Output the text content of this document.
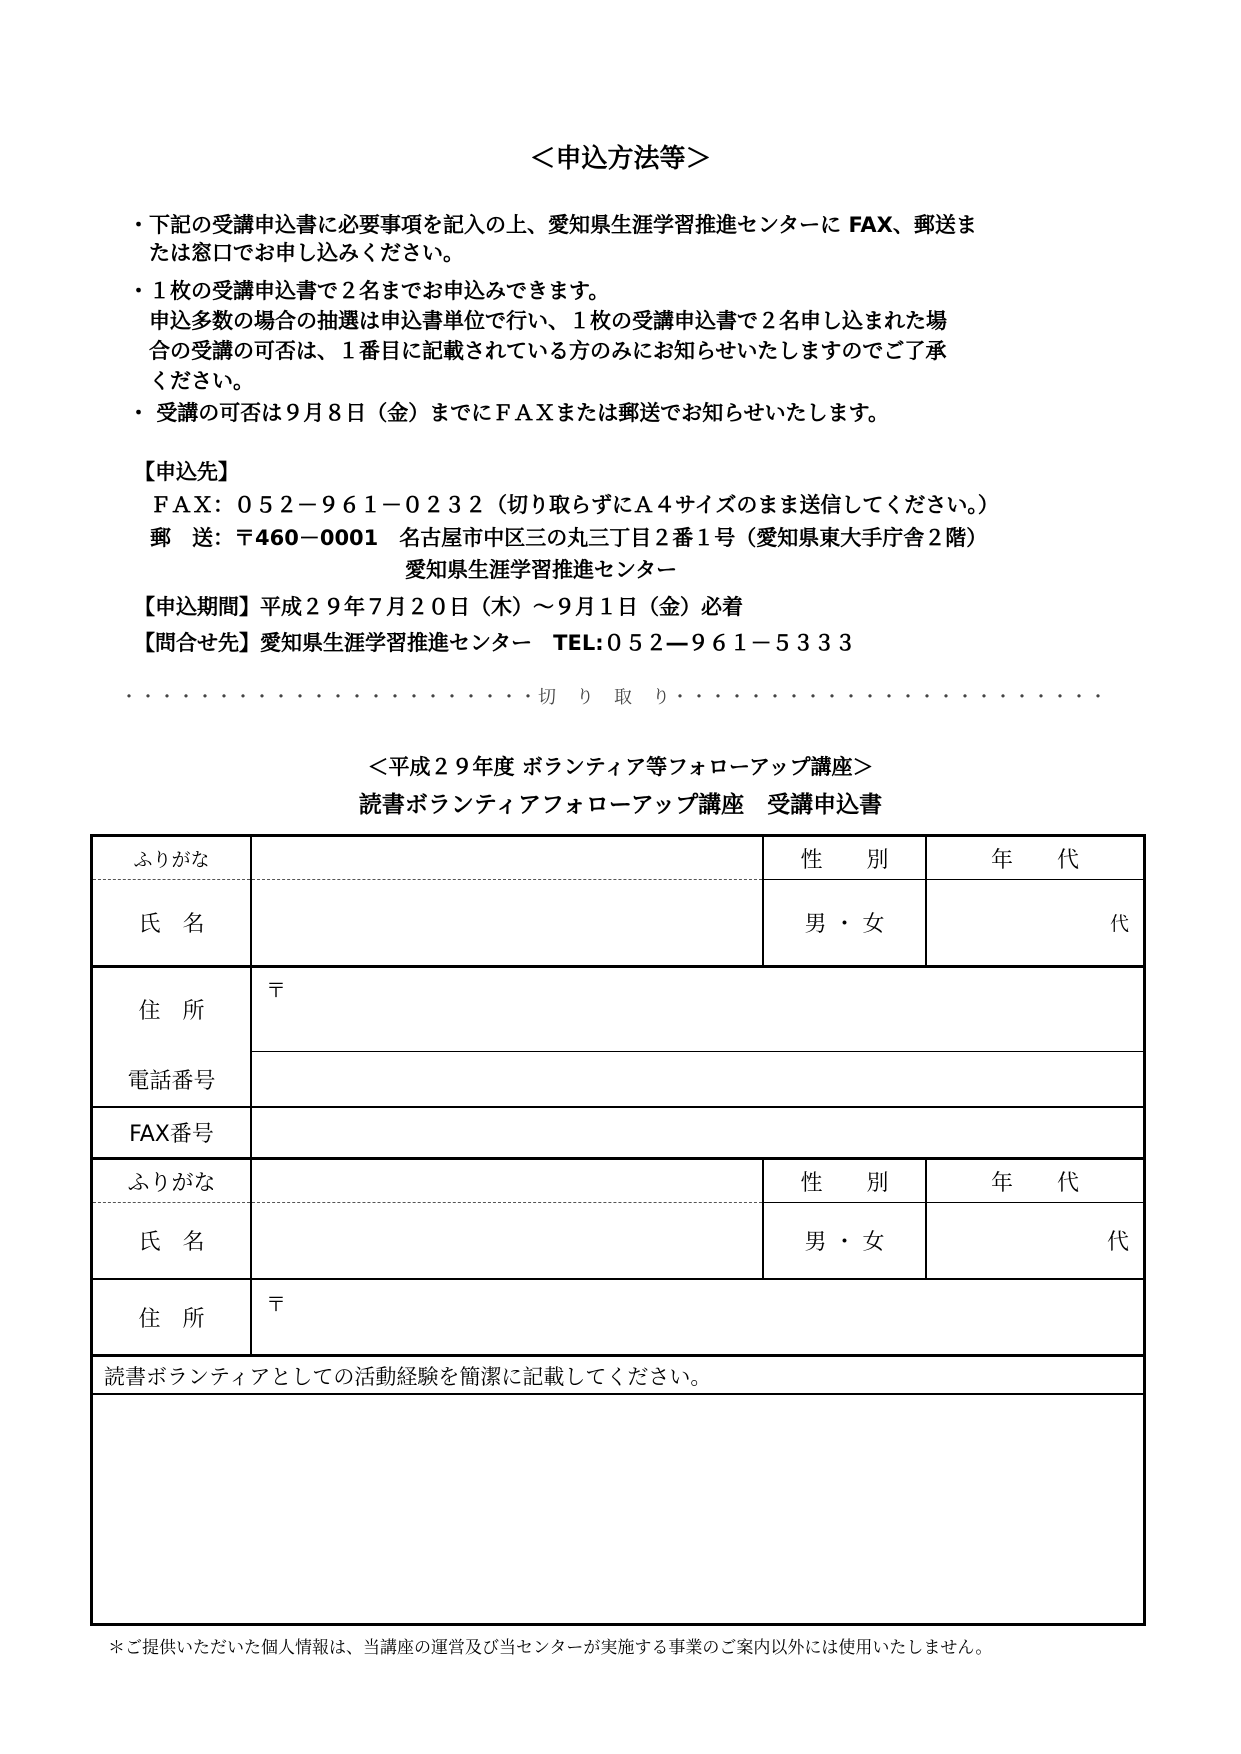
＜申込方法等＞
・下記の受講申込書に必要事項を記入の上、愛知県生涯学習推進センターに FAX、郵送ま
　たは窓口でお申し込みください。
・１枚の受講申込書で２名までお申込みできます。
　申込多数の場合の抽選は申込書単位で行い、１枚の受講申込書で２名申し込まれた場
　合の受講の可否は、１番目に記載されている方のみにお知らせいたしますのでご了承
　ください。
・ 受講の可否は９月８日（金）までにＦＡＸまたは郵送でお知らせいたします。
【申込先】
ＦＡＸ：０５２－９６１－０２３２（切り取らずにＡ４サイズのまま送信してください。）
郵　送：〒460－0001　名古屋市中区三の丸三丁目２番１号（愛知県東大手庁舎２階）
愛知県生涯学習推進センター
【申込期間】平成２９年７月２０日（木）～９月１日（金）必着
【問合せ先】愛知県生涯学習推進センター　TEL:０５２―９６１－５３３３
・・・・・・・・・・・・・・・・・・・・・・切　り　取　り・・・・・・・・・・・・・・・・・・・・・・・
＜平成２９年度 ボランティア等フォローアップ講座＞
読書ボランティアフォローアップ講座　受講申込書
ふりがな	性　　別	年　　代
氏　名	男 ・ 女	代
住　所
〒
電話番号
FAX番号
ふりがな	性　　別	年　　代
氏　名	男 ・ 女	代
住　所
〒
読書ボランティアとしての活動経験を簡潔に記載してください。
＊ご提供いただいた個人情報は、当講座の運営及び当センターが実施する事業のご案内以外には使用いたしません。
